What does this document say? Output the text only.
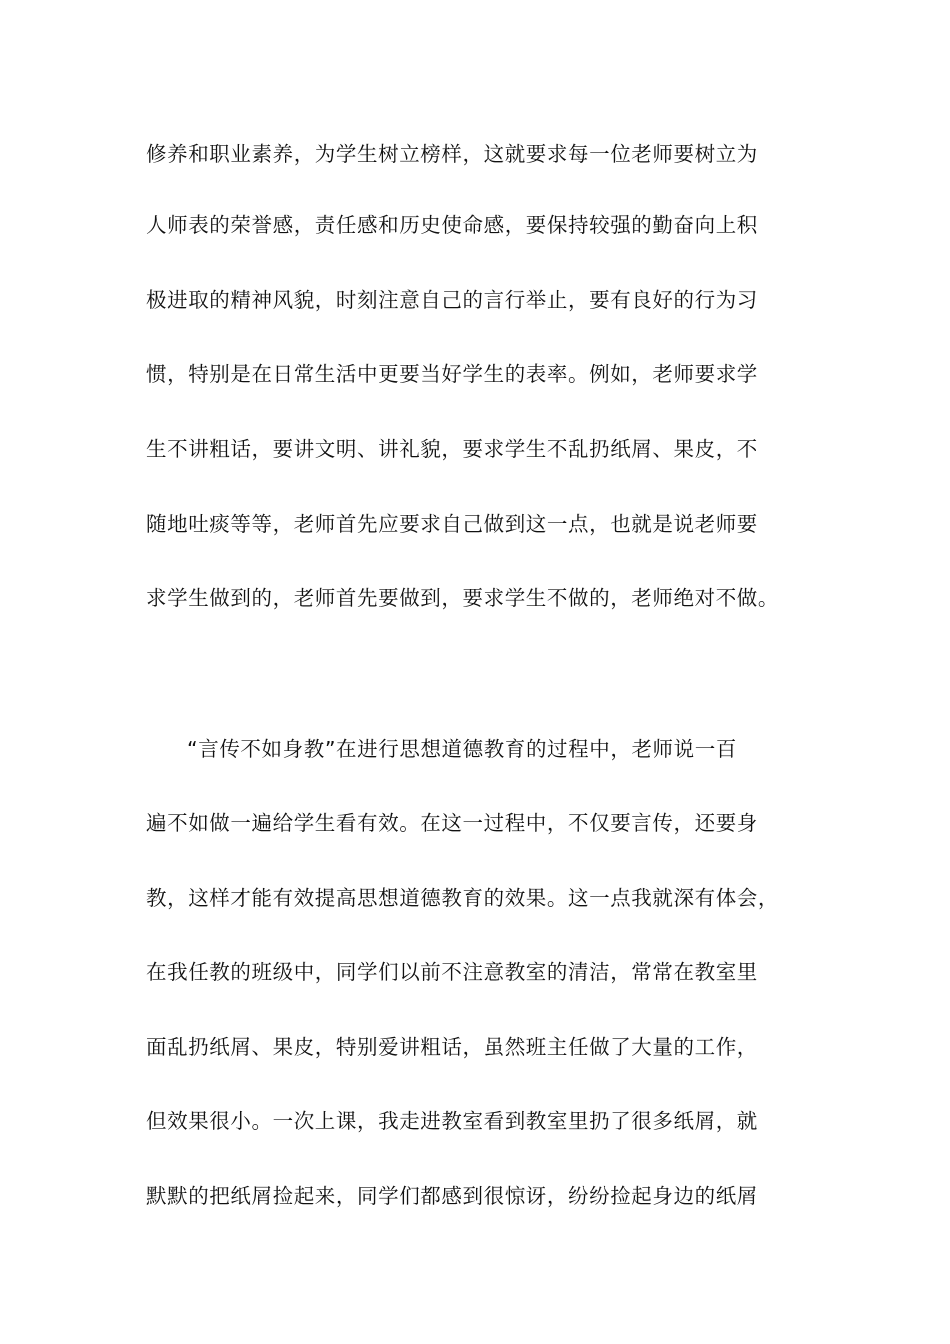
修养和职业素养，为学生树立榜样，这就要求每一位老师要树立为
人师表的荣誉感，责任感和历史使命感，要保持较强的勤奋向上积
极进取的精神风貌，时刻注意自己的言行举止，要有良好的行为习
惯，特别是在日常生活中更要当好学生的表率。例如，老师要求学
生不讲粗话，要讲文明、讲礼貌，要求学生不乱扔纸屑、果皮，不
随地吐痰等等，老师首先应要求自己做到这一点，也就是说老师要
求学生做到的，老师首先要做到，要求学生不做的，老师绝对不做。
“言传不如身教”在进行思想道德教育的过程中，老师说一百
遍不如做一遍给学生看有效。在这一过程中，不仅要言传，还要身
教，这样才能有效提高思想道德教育的效果。这一点我就深有体会，
在我任教的班级中，同学们以前不注意教室的清洁，常常在教室里
面乱扔纸屑、果皮，特别爱讲粗话，虽然班主任做了大量的工作，
但效果很小。一次上课，我走进教室看到教室里扔了很多纸屑，就
默默的把纸屑捡起来，同学们都感到很惊讶，纷纷捡起身边的纸屑
